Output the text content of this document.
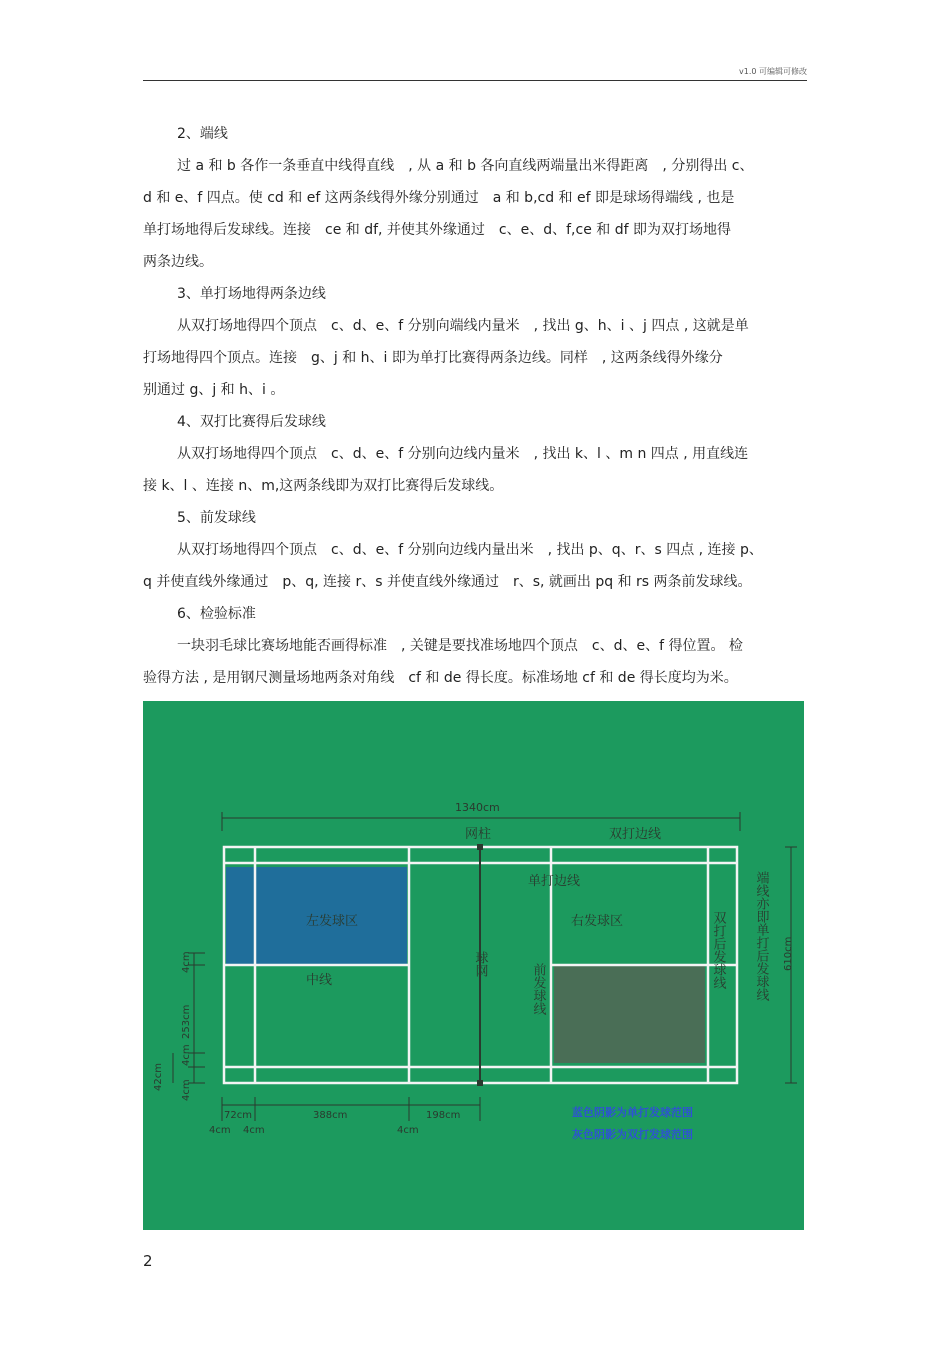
v1.0 可编辑可修改
2、端线
过 a 和 b 各作一条垂直中线得直线　, 从 a 和 b 各向直线两端量出米得距离　, 分别得出 c、
d 和 e、f 四点。使 cd 和 ef 这两条线得外缘分别通过　a 和 b,cd 和 ef 即是球场得端线 , 也是
单打场地得后发球线。连接　ce 和 df, 并使其外缘通过　c、e、d、f,ce 和 df 即为双打场地得
两条边线。
3、单打场地得两条边线
从双打场地得四个顶点　c、d、e、f 分别向端线内量米　, 找出 g、h、i 、j 四点 , 这就是单
打场地得四个顶点。连接　g、j 和 h、i 即为单打比赛得两条边线。同样　, 这两条线得外缘分
别通过 g、j 和 h、i 。
4、双打比赛得后发球线
从双打场地得四个顶点　c、d、e、f 分别向边线内量米　, 找出 k、l 、m n 四点 , 用直线连
接 k、l 、连接 n、m,这两条线即为双打比赛得后发球线。
5、前发球线
从双打场地得四个顶点　c、d、e、f 分别向边线内量出米　, 找出 p、q、r、s 四点 , 连接 p、
q 并使直线外缘通过　p、q, 连接 r、s 并使直线外缘通过　r、s, 就画出 pq 和 rs 两条前发球线。
6、检验标准
一块羽毛球比赛场地能否画得标准　, 关键是要找准场地四个顶点　c、d、e、f 得位置。 检
验得方法 , 是用钢尺测量场地两条对角线　cf 和 de 得长度。标准场地 cf 和 de 得长度均为米。
1340cm
网柱	双打边线
单打边线
左发球区	右发球区
中线
球网	前发球线	双打后发球线 端线亦即单打后发球线 610cm
4cm
253cm
4cm
42cm 4cm
72cm	388cm	198cm
4cm 4cm	4cm
蓝色阴影为单打发球范围
灰色阴影为双打发球范围
2
